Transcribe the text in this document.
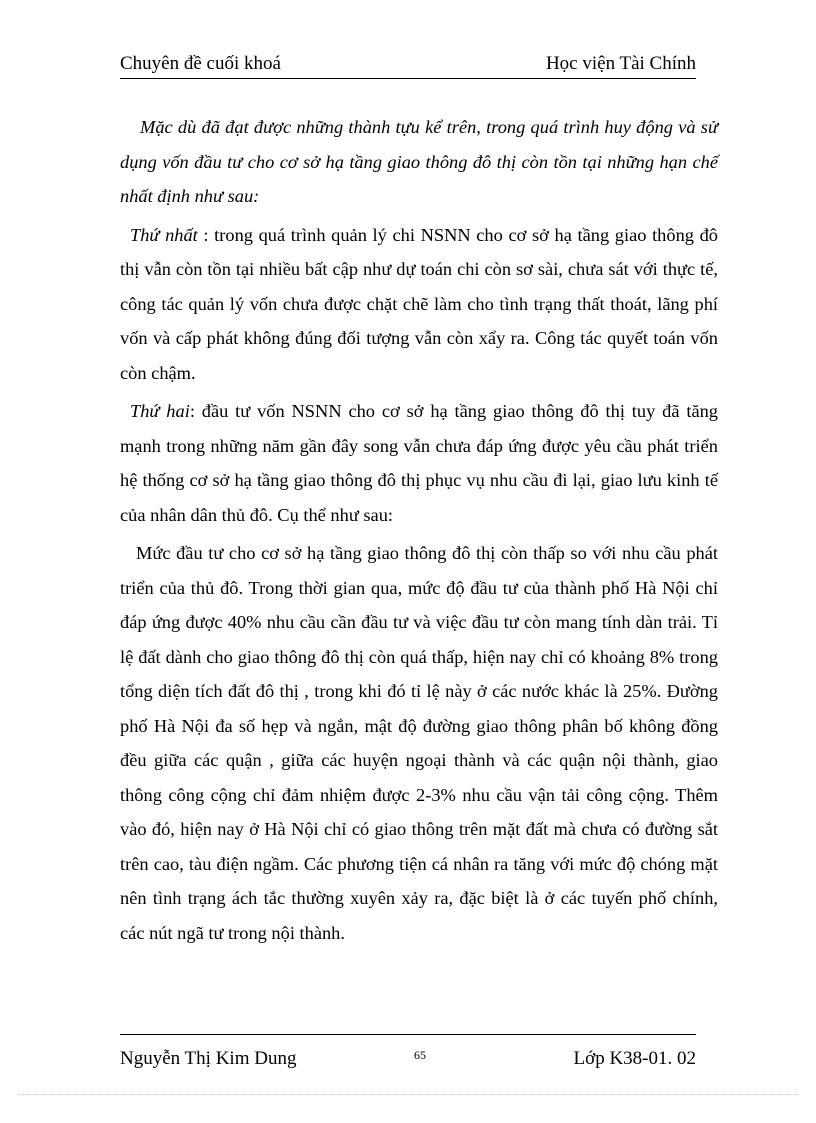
Chuyên đề cuối khoá	Học viện Tài Chính

Mặc dù đã đạt được những thành tựu kể trên, trong quá trình huy động và sử dụng vốn đầu tư cho cơ sở hạ tầng giao thông đô thị còn tồn tại những hạn chế nhất định như sau:

Thứ nhất : trong quá trình quản lý chi NSNN cho cơ sở hạ tầng giao thông đô thị vẫn còn tồn tại nhiều bất cập như dự toán chi còn sơ sài, chưa sát với thực tế, công tác quản lý vốn chưa được chặt chẽ làm cho tình trạng thất thoát, lãng phí vốn và cấp phát không đúng đối tượng vẫn còn xẩy ra. Công tác quyết toán vốn còn chậm.

Thứ hai: đầu tư vốn NSNN cho cơ sở hạ tầng giao thông đô thị tuy đã tăng mạnh trong những năm gần đây song vẫn chưa đáp ứng được yêu cầu phát triển hệ thống cơ sở hạ tầng giao thông đô thị phục vụ nhu cầu đi lại, giao lưu kinh tế của nhân dân thủ đô. Cụ thể như sau:

Mức đầu tư cho cơ sở hạ tầng giao thông đô thị còn thấp so với nhu cầu phát triển của thủ đô. Trong thời gian qua, mức độ đầu tư của thành phố Hà Nội chỉ đáp ứng được 40% nhu cầu cần đầu tư và việc đầu tư còn mang tính dàn trải. Tỉ lệ đất dành cho giao thông đô thị còn quá thấp, hiện nay chỉ có khoảng 8% trong tổng diện tích đất đô thị , trong khi đó tỉ lệ này ở các nước khác là 25%. Đường phố Hà Nội đa số hẹp và ngắn, mật độ đường giao thông phân bố không đồng đều giữa các quận , giữa các huyện ngoại thành và các quận nội thành, giao thông công cộng chỉ đảm nhiệm được 2-3% nhu cầu vận tải công cộng. Thêm vào đó, hiện nay ở Hà Nội chỉ có giao thông trên mặt đất mà chưa có đường sắt trên cao, tàu điện ngầm. Các phương tiện cá nhân ra tăng với mức độ chóng mặt nên tình trạng ách tắc thường xuyên xảy ra, đặc biệt là ở các tuyến phố chính, các nút ngã tư trong nội thành.

Nguyễn Thị Kim Dung	65	Lớp K38-01. 02
